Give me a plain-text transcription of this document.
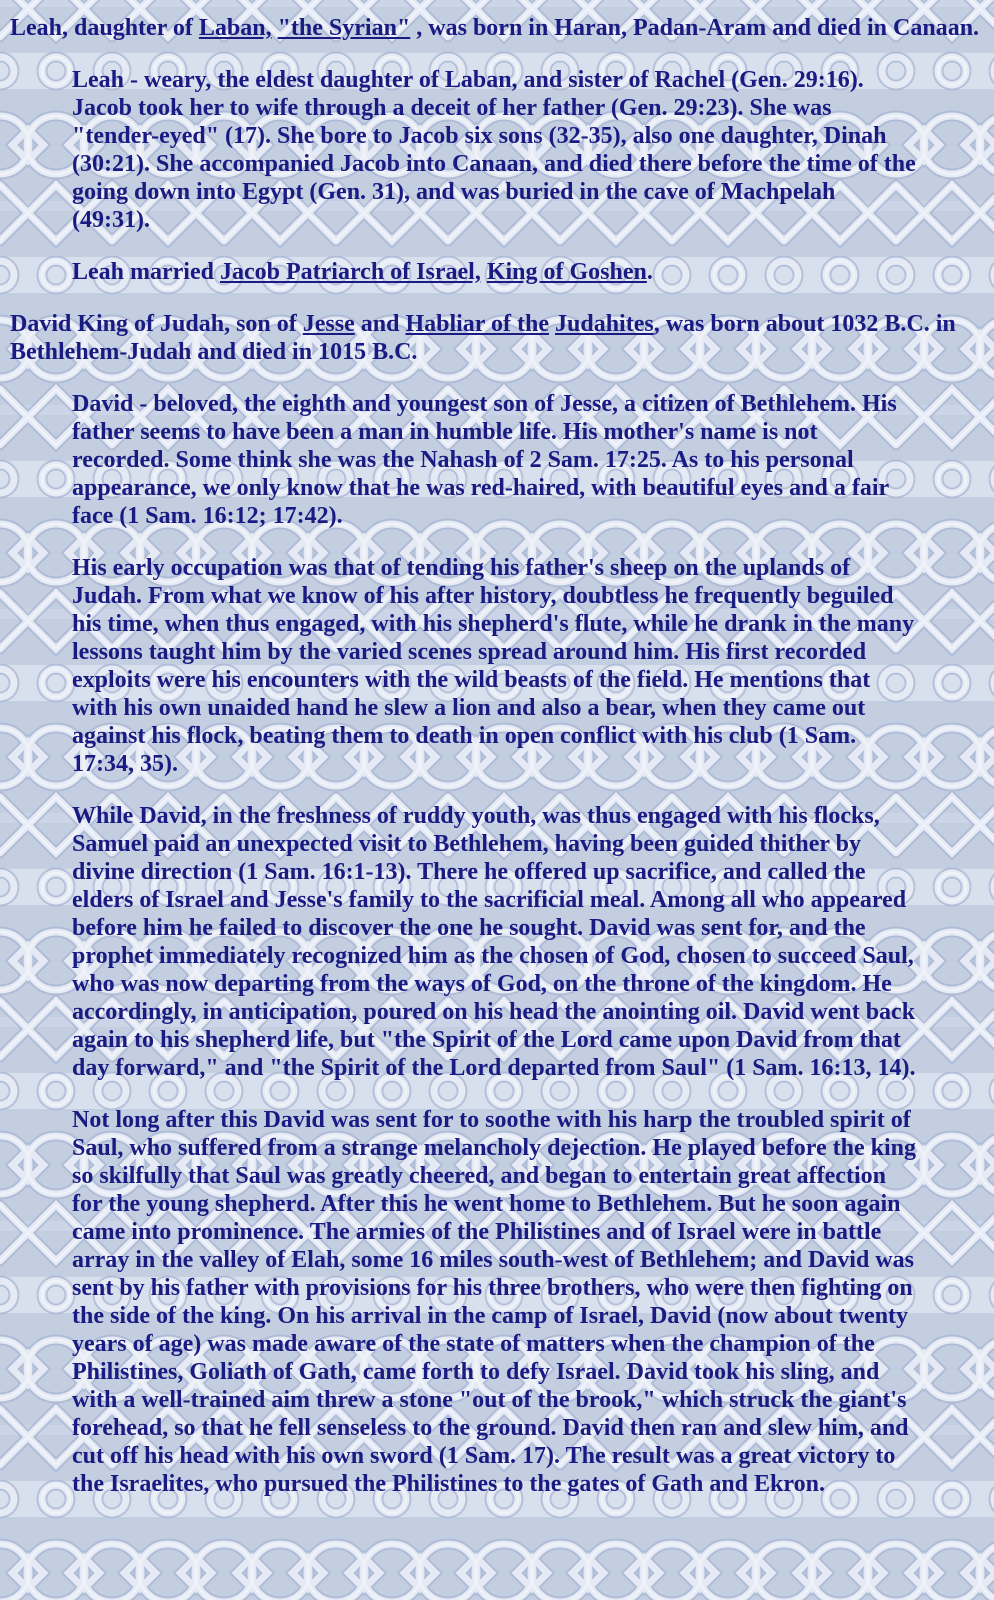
Leah, daughter of Laban, "the Syrian" , was born in Haran, Padan-Aram and died in Canaan.

Leah - weary, the eldest daughter of Laban, and sister of Rachel (Gen. 29:16). Jacob took her to wife through a deceit of her father (Gen. 29:23). She was "tender-eyed" (17). She bore to Jacob six sons (32-35), also one daughter, Dinah (30:21). She accompanied Jacob into Canaan, and died there before the time of the going down into Egypt (Gen. 31), and was buried in the cave of Machpelah (49:31).

Leah married Jacob Patriarch of Israel, King of Goshen.

David King of Judah, son of Jesse and Habliar of the Judahites, was born about 1032 B.C. in Bethlehem-Judah and died in 1015 B.C.

David - beloved, the eighth and youngest son of Jesse, a citizen of Bethlehem. His father seems to have been a man in humble life. His mother's name is not recorded. Some think she was the Nahash of 2 Sam. 17:25. As to his personal appearance, we only know that he was red-haired, with beautiful eyes and a fair face (1 Sam. 16:12; 17:42).

His early occupation was that of tending his father's sheep on the uplands of Judah. From what we know of his after history, doubtless he frequently beguiled his time, when thus engaged, with his shepherd's flute, while he drank in the many lessons taught him by the varied scenes spread around him. His first recorded exploits were his encounters with the wild beasts of the field. He mentions that with his own unaided hand he slew a lion and also a bear, when they came out against his flock, beating them to death in open conflict with his club (1 Sam. 17:34, 35).

While David, in the freshness of ruddy youth, was thus engaged with his flocks, Samuel paid an unexpected visit to Bethlehem, having been guided thither by divine direction (1 Sam. 16:1-13). There he offered up sacrifice, and called the elders of Israel and Jesse's family to the sacrificial meal. Among all who appeared before him he failed to discover the one he sought. David was sent for, and the prophet immediately recognized him as the chosen of God, chosen to succeed Saul, who was now departing from the ways of God, on the throne of the kingdom. He accordingly, in anticipation, poured on his head the anointing oil. David went back again to his shepherd life, but "the Spirit of the Lord came upon David from that day forward," and "the Spirit of the Lord departed from Saul" (1 Sam. 16:13, 14).

Not long after this David was sent for to soothe with his harp the troubled spirit of Saul, who suffered from a strange melancholy dejection. He played before the king so skilfully that Saul was greatly cheered, and began to entertain great affection for the young shepherd. After this he went home to Bethlehem. But he soon again came into prominence. The armies of the Philistines and of Israel were in battle array in the valley of Elah, some 16 miles south-west of Bethlehem; and David was sent by his father with provisions for his three brothers, who were then fighting on the side of the king. On his arrival in the camp of Israel, David (now about twenty years of age) was made aware of the state of matters when the champion of the Philistines, Goliath of Gath, came forth to defy Israel. David took his sling, and with a well-trained aim threw a stone "out of the brook," which struck the giant's forehead, so that he fell senseless to the ground. David then ran and slew him, and cut off his head with his own sword (1 Sam. 17). The result was a great victory to the Israelites, who pursued the Philistines to the gates of Gath and Ekron.
